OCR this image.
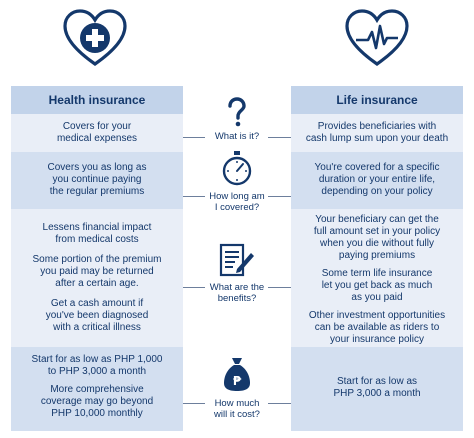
Health insurance

Covers for your

medical expenses

Covers you as long as

you continue paying

the regular premiums

Lessens financial impact

from medical costs

Some portion of the premium

you paid may be returned

after a certain age.

Get a cash amount if

you've been diagnosed

with a critical illness

Start for as low as PHP 1,000

to PHP 3,000 a month

More comprehensive

coverage may go beyond

PHP 10,000 monthly

Life insurance

Provides beneficiaries with

cash lump sum upon your death

You're covered for a specific

duration or your entire life,

depending on your policy

Your beneficiary can get the

full amount set in your policy

when you die without fully

paying premiums

Some term life insurance

let you get back as much

as you paid

Other investment opportunities

can be available as riders to

your insurance policy

Start for as low as

PHP 3,000 a month

What is it?
How long am
I covered?
What are the
benefits?
₱
How much
will it cost?
